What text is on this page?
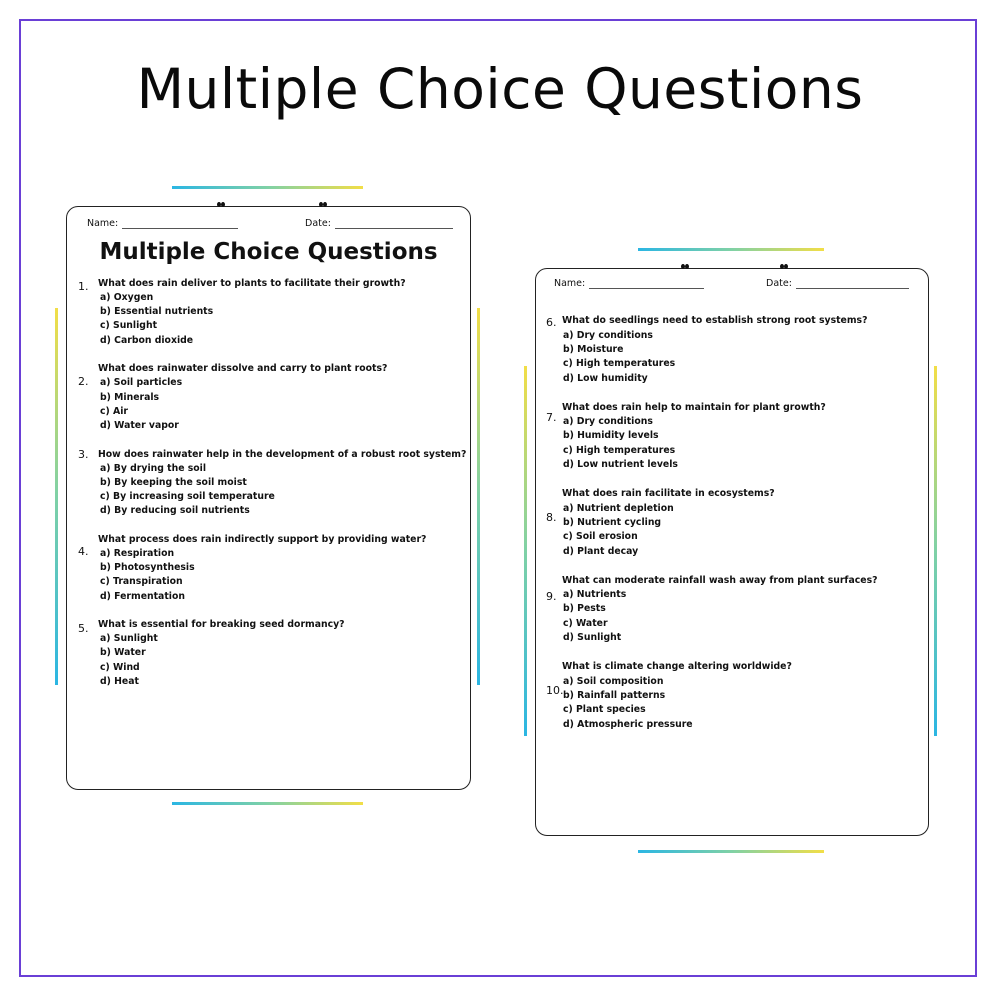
Multiple Choice Questions
Name:	Date:
Multiple Choice Questions
1. What does rain deliver to plants to facilitate their growth?
a) Oxygen
b) Essential nutrients
c) Sunlight
d) Carbon dioxide
2.
What does rainwater dissolve and carry to plant roots?
a) Soil particles
b) Minerals
c) Air
d) Water vapor
3. How does rainwater help in the development of a robust root system?
a) By drying the soil
b) By keeping the soil moist
c) By increasing soil temperature
d) By reducing soil nutrients
4.
What process does rain indirectly support by providing water?
a) Respiration
b) Photosynthesis
c) Transpiration
d) Fermentation
5. What is essential for breaking seed dormancy?
a) Sunlight
b) Water
c) Wind
d) Heat
Name:	Date:
6. What do seedlings need to establish strong root systems?
a) Dry conditions
b) Moisture
c) High temperatures
d) Low humidity
7.
What does rain help to maintain for plant growth?
a) Dry conditions
b) Humidity levels
c) High temperatures
d) Low nutrient levels
8.
What does rain facilitate in ecosystems?
a) Nutrient depletion
b) Nutrient cycling
c) Soil erosion
d) Plant decay
9.
What can moderate rainfall wash away from plant surfaces?
a) Nutrients
b) Pests
c) Water
d) Sunlight
10.
What is climate change altering worldwide?
a) Soil composition
b) Rainfall patterns
c) Plant species
d) Atmospheric pressure
